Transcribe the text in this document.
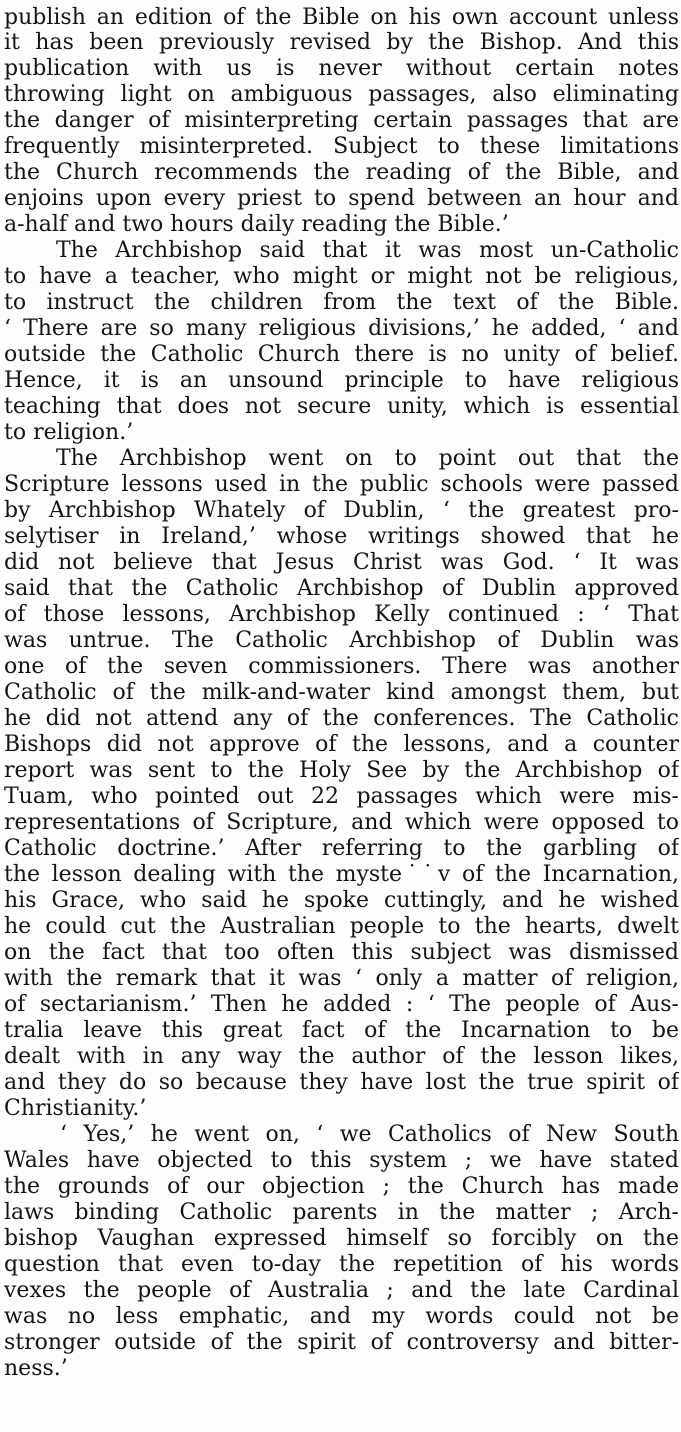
publish an edition of the Bible on his own account unless
it has been previously revised by the Bishop. And this
publication with us is never without certain notes
throwing light on ambiguous passages, also eliminating
the danger of misinterpreting certain passages that are
frequently misinterpreted. Subject to these limitations
the Church recommends the reading of the Bible, and
enjoins upon every priest to spend between an hour and
a-half and two hours daily reading the Bible.’
The Archbishop said that it was most un-Catholic
to have a teacher, who might or might not be religious,
to instruct the children from the text of the Bible.
‘ There are so many religious divisions,’ he added, ‘ and
outside the Catholic Church there is no unity of belief.
Hence, it is an unsound principle to have religious
teaching that does not secure unity, which is essential
to religion.’
The Archbishop went on to point out that the
Scripture lessons used in the public schools were passed
by Archbishop Whately of Dublin, ‘ the greatest pro-
selytiser in Ireland,’ whose writings showed that he
did not believe that Jesus Christ was God. ‘ It was
said that the Catholic Archbishop of Dublin approved
of those lessons, Archbishop Kelly continued : ‘ That
was untrue. The Catholic Archbishop of Dublin was
one of the seven commissioners. There was another
Catholic of the milk-and-water kind amongst them, but
he did not attend any of the conferences. The Catholic
Bishops did not approve of the lessons, and a counter
report was sent to the Holy See by the Archbishop of
Tuam, who pointed out 22 passages which were mis-
representations of Scripture, and which were opposed to
Catholic doctrine.’ After referring to the garbling of
the lesson dealing with the myste˙˙v of the Incarnation,
his Grace, who said he spoke cuttingly, and he wished
he could cut the Australian people to the hearts, dwelt
on the fact that too often this subject was dismissed
with the remark that it was ‘ only a matter of religion,
of sectarianism.’ Then he added : ‘ The people of Aus-
tralia leave this great fact of the Incarnation to be
dealt with in any way the author of the lesson likes,
and they do so because they have lost the true spirit of
Christianity.’
‘ Yes,’ he went on, ‘ we Catholics of New South
Wales have objected to this system ; we have stated
the grounds of our objection ; the Church has made
laws binding Catholic parents in the matter ; Arch-
bishop Vaughan expressed himself so forcibly on the
question that even to-day the repetition of his words
vexes the people of Australia ; and the late Cardinal
was no less emphatic, and my words could not be
stronger outside of the spirit of controversy and bitter-
ness.’
